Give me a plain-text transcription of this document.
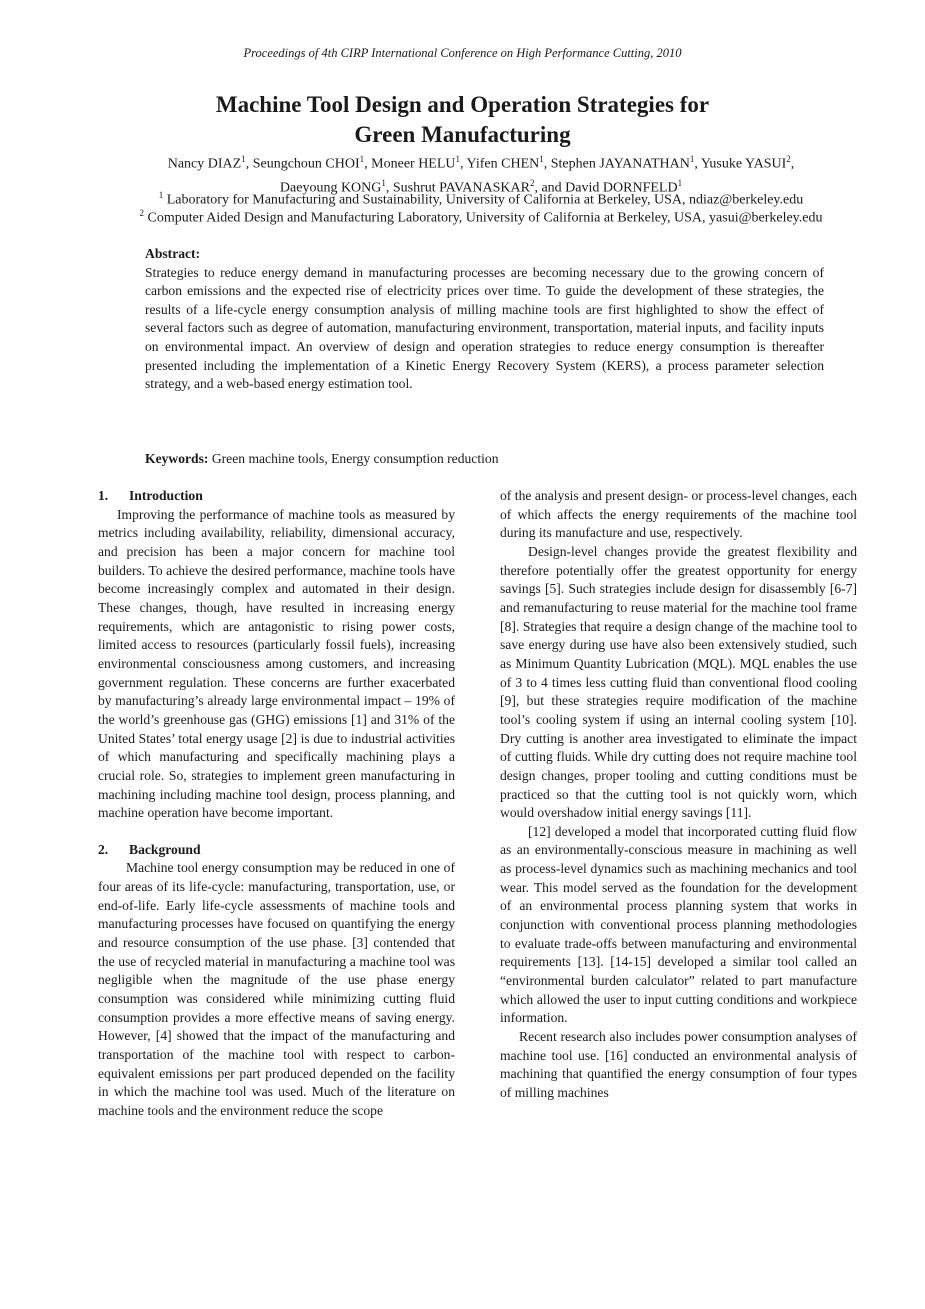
Proceedings of 4th CIRP International Conference on High Performance Cutting, 2010
Machine Tool Design and Operation Strategies for
Green Manufacturing
Nancy DIAZ$^1$, Seungchoun CHOI$^1$, Moneer HELU$^1$, Yifen CHEN$^1$, Stephen JAYANATHAN$^1$, Yusuke YASUI$^2$,
Daeyoung KONG$^1$, Sushrut PAVANASKAR$^2$, and David DORNFELD$^1$
$^1$ Laboratory for Manufacturing and Sustainability, University of California at Berkeley, USA, ndiaz@berkeley.edu
$^2$ Computer Aided Design and Manufacturing Laboratory, University of California at Berkeley, USA, yasui@berkeley.edu
Abstract:

Strategies to reduce energy demand in manufacturing processes are becoming necessary due to the growing concern of carbon emissions and the expected rise of electricity prices over time. To guide the development of these strategies, the results of a life-cycle energy consumption analysis of milling machine tools are first highlighted to show the effect of several factors such as degree of automation, manufacturing environment, transportation, material inputs, and facility inputs on environmental impact. An overview of design and operation strategies to reduce energy consumption is thereafter presented including the implementation of a Kinetic Energy Recovery System (KERS), a process parameter selection strategy, and a web-based energy estimation tool.

Keywords: Green machine tools, Energy consumption reduction
1. Introduction

Improving the performance of machine tools as measured by metrics including availability, reliability, dimensional accuracy, and precision has been a major concern for machine tool builders. To achieve the desired performance, machine tools have become increasingly complex and automated in their design. These changes, though, have resulted in increasing energy requirements, which are antagonistic to rising power costs, limited access to resources (particularly fossil fuels), increasing environmental consciousness among customers, and increasing government regulation. These concerns are further exacerbated by manufacturing’s already large environmental impact – 19% of the world’s greenhouse gas (GHG) emissions [1] and 31% of the United States’ total energy usage [2] is due to industrial activities of which manufacturing and specifically machining plays a crucial role. So, strategies to implement green manufacturing in machining including machine tool design, process planning, and machine operation have become important.

2. Background

Machine tool energy consumption may be reduced in one of four areas of its life-cycle: manufacturing, transportation, use, or end-of-life. Early life-cycle assessments of machine tools and manufacturing processes have focused on quantifying the energy and resource consumption of the use phase. [3] contended that the use of recycled material in manufacturing a machine tool was negligible when the magnitude of the use phase energy consumption was considered while minimizing cutting fluid consumption provides a more effective means of saving energy. However, [4] showed that the impact of the manufacturing and transportation of the machine tool with respect to carbon-equivalent emissions per part produced depended on the facility in which the machine tool was used. Much of the literature on machine tools and the environment reduce the scope

of the analysis and present design- or process-level changes, each of which affects the energy requirements of the machine tool during its manufacture and use, respectively.

Design-level changes provide the greatest flexibility and therefore potentially offer the greatest opportunity for energy savings [5]. Such strategies include design for disassembly [6-7] and remanufacturing to reuse material for the machine tool frame [8]. Strategies that require a design change of the machine tool to save energy during use have also been extensively studied, such as Minimum Quantity Lubrication (MQL). MQL enables the use of 3 to 4 times less cutting fluid than conventional flood cooling [9], but these strategies require modification of the machine tool’s cooling system if using an internal cooling system [10]. Dry cutting is another area investigated to eliminate the impact of cutting fluids. While dry cutting does not require machine tool design changes, proper tooling and cutting conditions must be practiced so that the cutting tool is not quickly worn, which would overshadow initial energy savings [11].

[12] developed a model that incorporated cutting fluid flow as an environmentally-conscious measure in machining as well as process-level dynamics such as machining mechanics and tool wear. This model served as the foundation for the development of an environmental process planning system that works in conjunction with conventional process planning methodologies to evaluate trade-offs between manufacturing and environmental requirements [13]. [14-15] developed a similar tool called an “environmental burden calculator” related to part manufacture which allowed the user to input cutting conditions and workpiece information.

Recent research also includes power consumption analyses of machine tool use. [16] conducted an environmental analysis of machining that quantified the energy consumption of four types of milling machines
